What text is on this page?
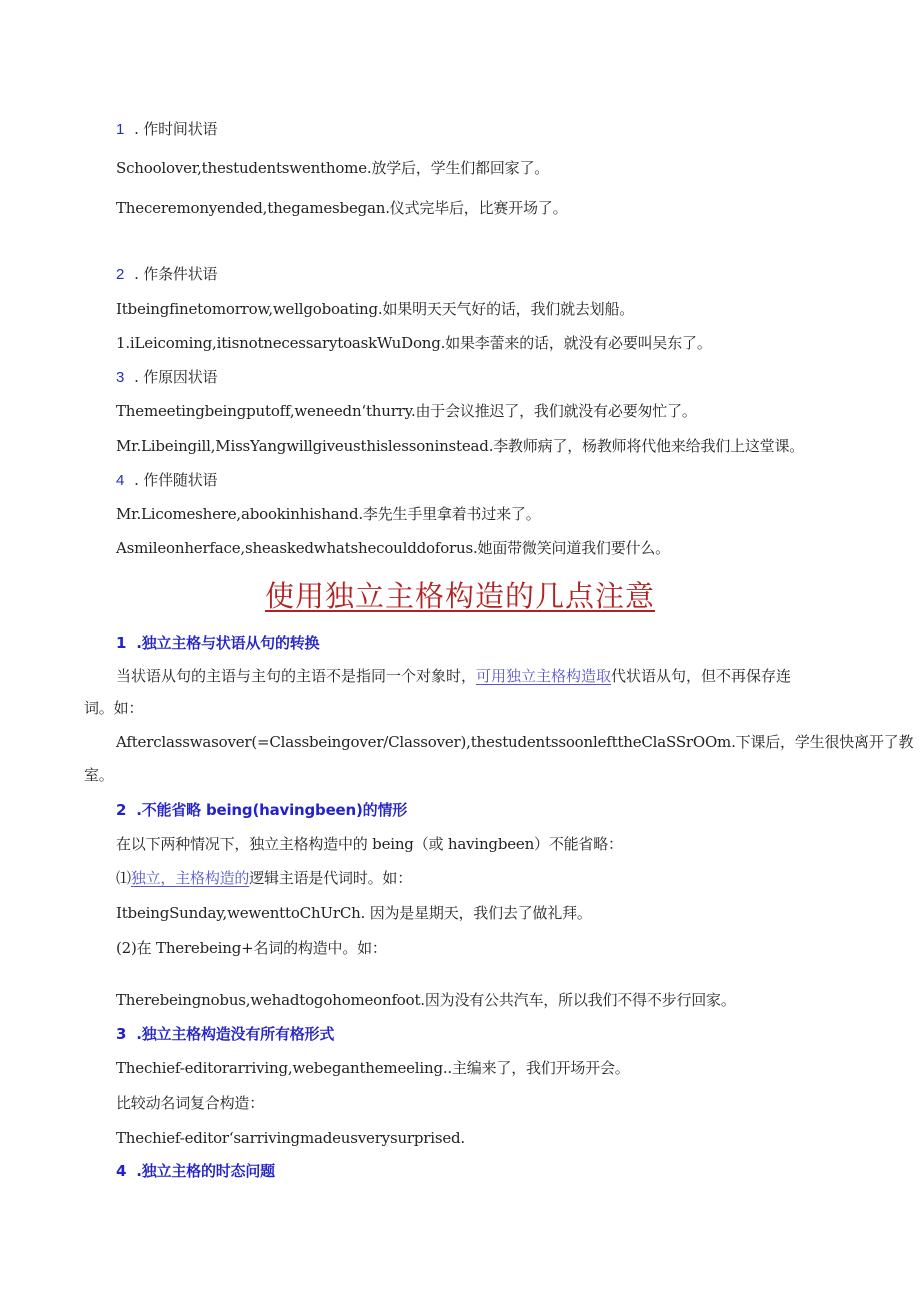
1 . 作时间状语
Schoolover,thestudentswenthome.放学后，学生们都回家了。
Theceremonyended,thegamesbegan.仪式完毕后，比赛开场了。
2 . 作条件状语
Itbeingfinetomorrow,wellgoboating.如果明天天气好的话，我们就去划船。
1.iLeicoming,itisnotnecessarytoaskWuDong.如果李蕾来的话，就没有必要叫吴东了。
3 . 作原因状语
Themeetingbeingputoff,weneedn‘thurry.由于会议推迟了，我们就没有必要匆忙了。
Mr.Libeingill,MissYangwillgiveusthislessoninstead.李教师病了，杨教师将代他来给我们上这堂课。
4 . 作伴随状语
Mr.Licomeshere,abookinhishand.李先生手里拿着书过来了。
Asmileonherface,sheaskedwhatshecoulddoforus.她面带微笑问道我们要什么。
使用独立主格构造的几点注意
1 .独立主格与状语从句的转换
当状语从句的主语与主句的主语不是指同一个对象时，可用独立主格构造取代状语从句，但不再保存连
词。如：
Afterclasswasover(=Classbeingover/Classover),thestudentssoonlefttheClaSSrOOm.下课后，学生很快离开了教
室。
2 .不能省略 being(havingbeen)的情形
在以下两种情况下，独立主格构造中的 being（或 havingbeen）不能省略：
⑴独立，主格构造的逻辑主语是代词时。如：
ItbeingSunday,wewenttoChUrCh. 因为是星期天，我们去了做礼拜。
(2)在 Therebeing+名词的构造中。如：
Therebeingnobus,wehadtogohomeonfoot.因为没有公共汽车，所以我们不得不步行回家。
3 .独立主格构造没有所有格形式
Thechief-editorarriving,webeganthemeeling..主编来了，我们开场开会。
比较动名词复合构造：
Thechief-editor‘sarrivingmadeusverysurprised.
4 .独立主格的时态问题
